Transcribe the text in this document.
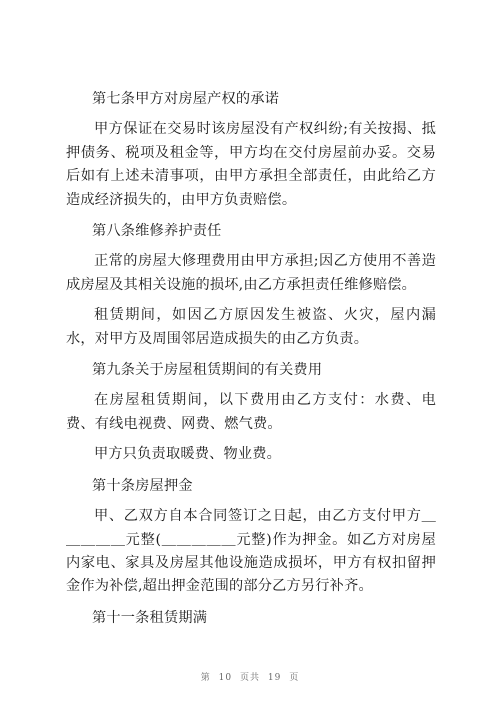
第七条甲方对房屋产权的承诺

甲方保证在交易时该房屋没有产权纠纷;有关按揭、抵押债务、税项及租金等，甲方均在交付房屋前办妥。交易后如有上述未清事项，由甲方承担全部责任，由此给乙方造成经济损失的，由甲方负责赔偿。

第八条维修养护责任

正常的房屋大修理费用由甲方承担;因乙方使用不善造成房屋及其相关设施的损坏,由乙方承担责任维修赔偿。

租赁期间，如因乙方原因发生被盗、火灾，屋内漏水，对甲方及周围邻居造成损失的由乙方负责。

第九条关于房屋租赁期间的有关费用

在房屋租赁期间，以下费用由乙方支付：水费、电费、有线电视费、网费、燃气费。

甲方只负责取暖费、物业费。

第十条房屋押金

甲、乙双方自本合同签订之日起，由乙方支付甲方＿＿＿＿＿元整(＿＿＿＿＿元整)作为押金。如乙方对房屋内家电、家具及房屋其他设施造成损坏，甲方有权扣留押金作为补偿,超出押金范围的部分乙方另行补齐。

第十一条租赁期满

第 10 页共 19 页
